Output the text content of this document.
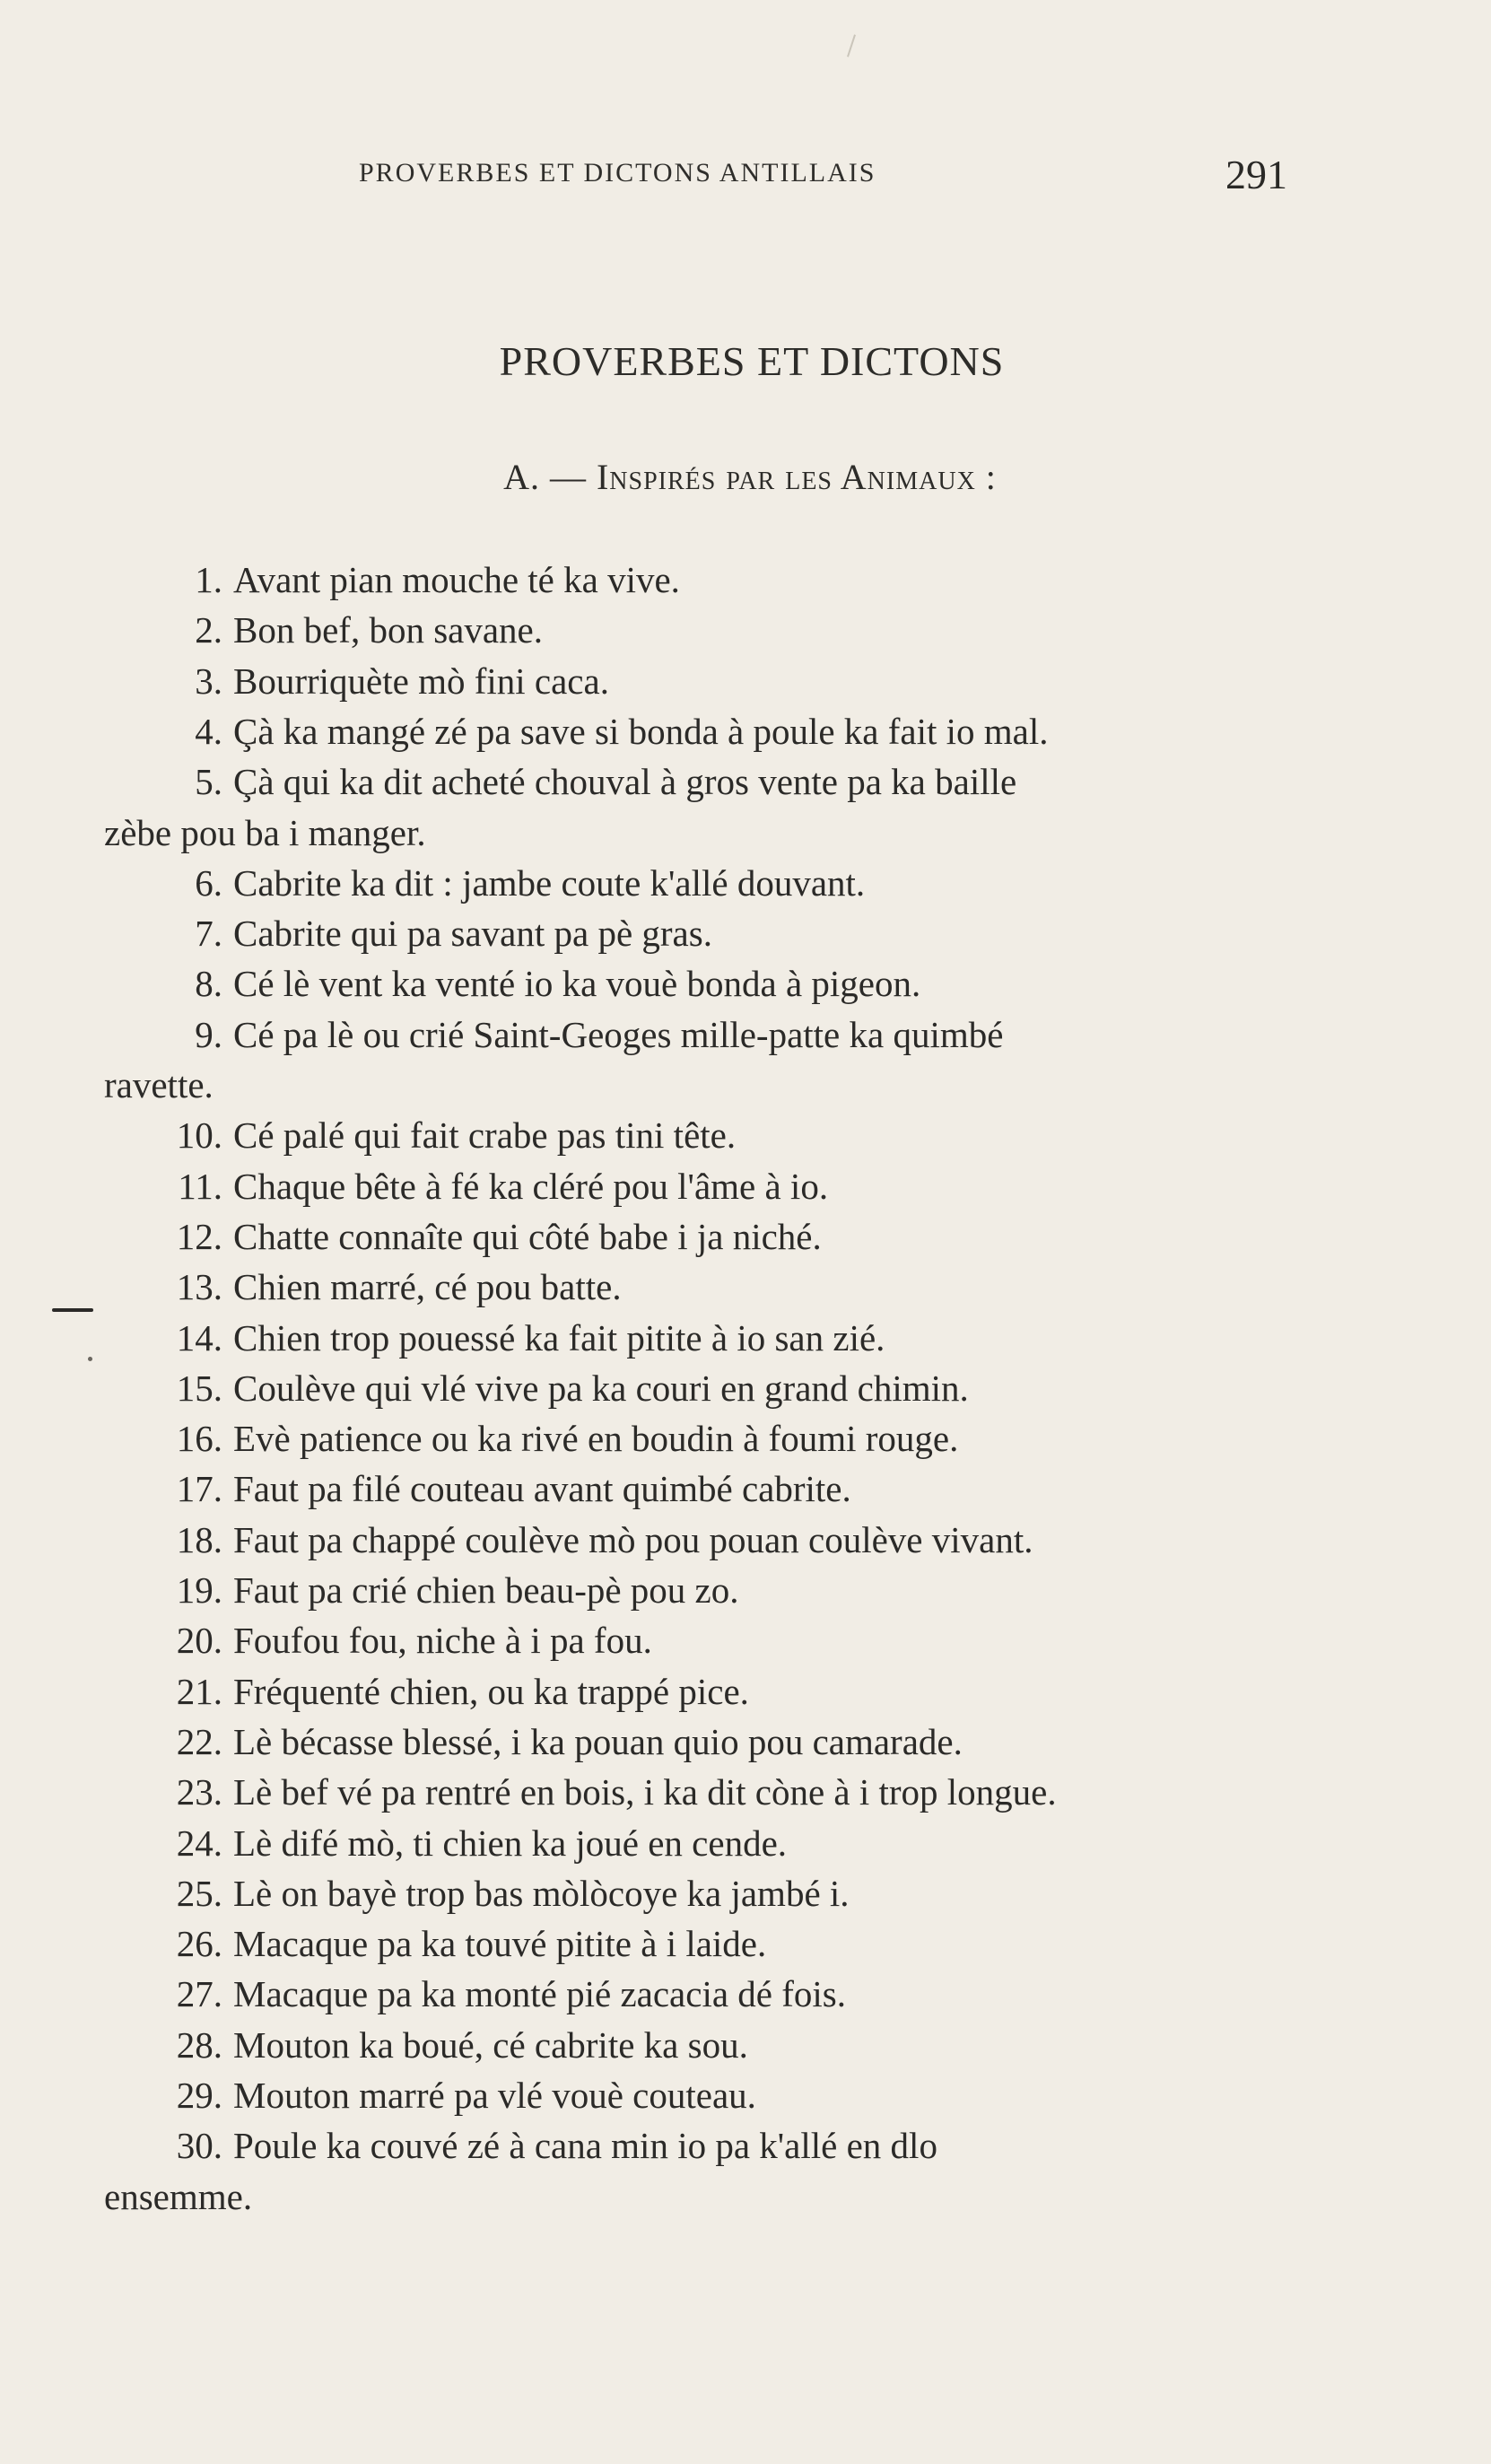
PROVERBES ET DICTONS ANTILLAIS	291
PROVERBES ET DICTONS
A. — Inspirés par les Animaux :
1. Avant pian mouche té ka vive.
2. Bon bef, bon savane.
3. Bourriquète mò fini caca.
4. Çà ka mangé zé pa save si bonda à poule ka fait io mal.
5. Çà qui ka dit acheté chouval à gros vente pa ka baille
zèbe pou ba i manger.
6. Cabrite ka dit : jambe coute k'allé douvant.
7. Cabrite qui pa savant pa pè gras.
8. Cé lè vent ka venté io ka vouè bonda à pigeon.
9. Cé pa lè ou crié Saint-Geoges mille-patte ka quimbé
ravette.
10. Cé palé qui fait crabe pas tini tête.
11. Chaque bête à fé ka cléré pou l'âme à io.
12. Chatte connaîte qui côté babe i ja niché.
13. Chien marré, cé pou batte.
14. Chien trop pouessé ka fait pitite à io san zié.
15. Coulève qui vlé vive pa ka couri en grand chimin.
16. Evè patience ou ka rivé en boudin à foumi rouge.
17. Faut pa filé couteau avant quimbé cabrite.
18. Faut pa chappé coulève mò pou pouan coulève vivant.
19. Faut pa crié chien beau-pè pou zo.
20. Foufou fou, niche à i pa fou.
21. Fréquenté chien, ou ka trappé pice.
22. Lè bécasse blessé, i ka pouan quio pou camarade.
23. Lè bef vé pa rentré en bois, i ka dit còne à i trop longue.
24. Lè difé mò, ti chien ka joué en cende.
25. Lè on bayè trop bas mòlòcoye ka jambé i.
26. Macaque pa ka touvé pitite à i laide.
27. Macaque pa ka monté pié zacacia dé fois.
28. Mouton ka boué, cé cabrite ka sou.
29. Mouton marré pa vlé vouè couteau.
30. Poule ka couvé zé à cana min io pa k'allé en dlo
ensemme.
